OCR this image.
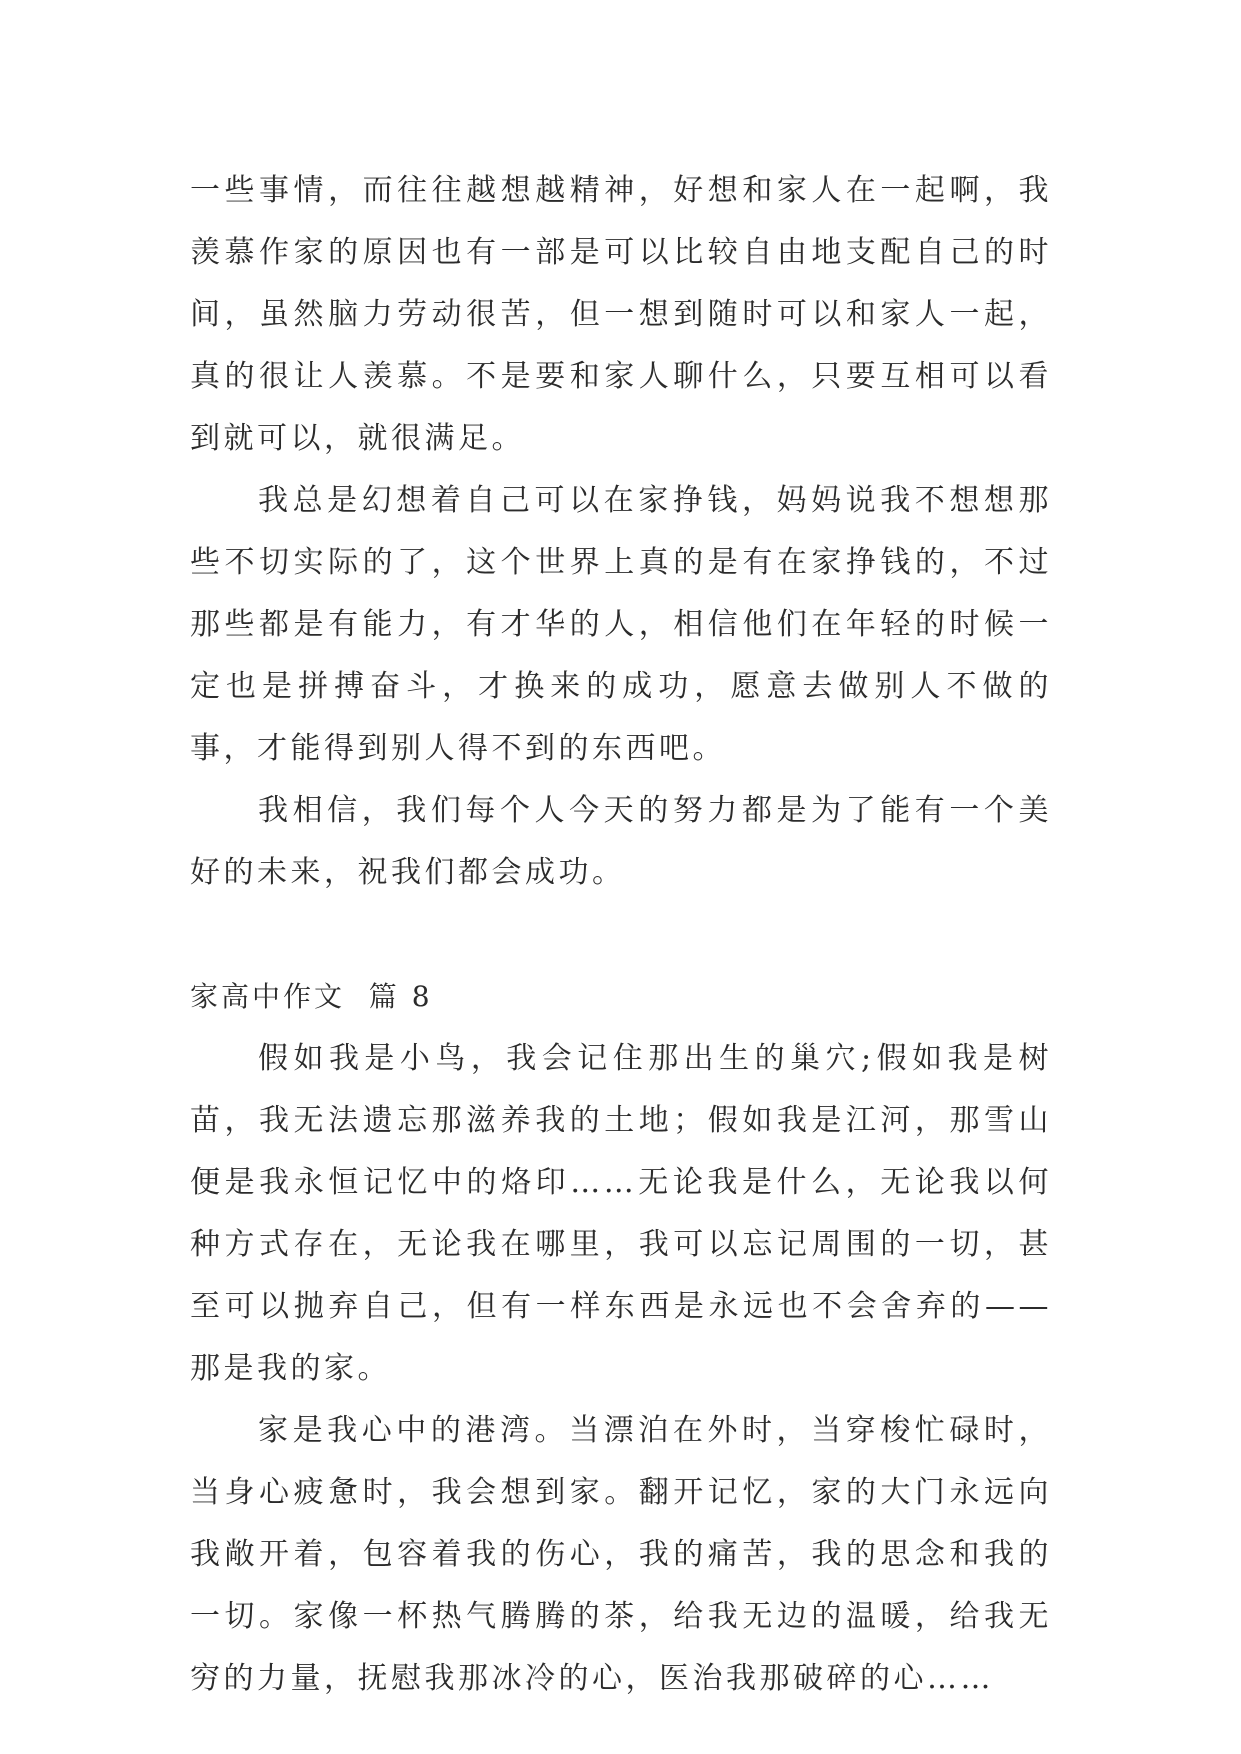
一些事情，而往往越想越精神，好想和家人在一起啊，我羡慕作家的原因也有一部是可以比较自由地支配自己的时间，虽然脑力劳动很苦，但一想到随时可以和家人一起，真的很让人羡慕。不是要和家人聊什么，只要互相可以看到就可以，就很满足。

我总是幻想着自己可以在家挣钱，妈妈说我不想想那些不切实际的了，这个世界上真的是有在家挣钱的，不过那些都是有能力，有才华的人，相信他们在年轻的时候一定也是拼搏奋斗，才换来的成功，愿意去做别人不做的事，才能得到别人得不到的东西吧。

我相信，我们每个人今天的努力都是为了能有一个美好的未来，祝我们都会成功。

家高中作文  篇 8

假如我是小鸟，我会记住那出生的巢穴;假如我是树苗，我无法遗忘那滋养我的土地；假如我是江河，那雪山便是我永恒记忆中的烙印……无论我是什么，无论我以何种方式存在，无论我在哪里，我可以忘记周围的一切，甚至可以抛弃自己，但有一样东西是永远也不会舍弃的——那是我的家。

家是我心中的港湾。当漂泊在外时，当穿梭忙碌时，当身心疲惫时，我会想到家。翻开记忆，家的大门永远向我敞开着，包容着我的伤心，我的痛苦，我的思念和我的一切。家像一杯热气腾腾的茶，给我无边的温暖，给我无穷的力量，抚慰我那冰冷的心，医治我那破碎的心……
